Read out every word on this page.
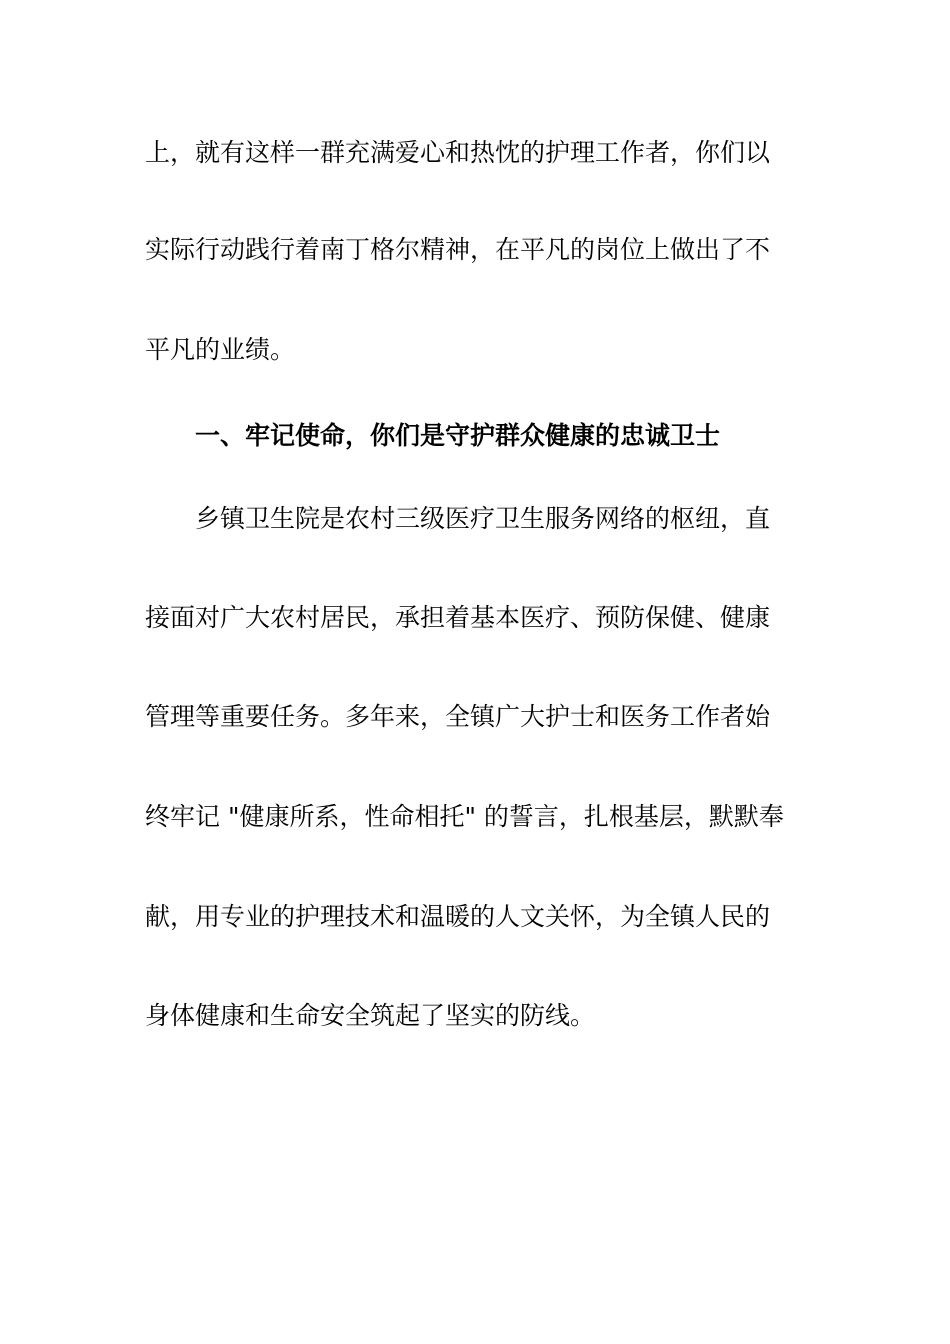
上，就有这样一群充满爱心和热忱的护理工作者，你们以
实际行动践行着南丁格尔精神，在平凡的岗位上做出了不
平凡的业绩。
一、牢记使命，你们是守护群众健康的忠诚卫士
乡镇卫生院是农村三级医疗卫生服务网络的枢纽，直
接面对广大农村居民，承担着基本医疗、预防保健、健康
管理等重要任务。多年来，全镇广大护士和医务工作者始
终牢记 "健康所系，性命相托" 的誓言，扎根基层，默默奉
献，用专业的护理技术和温暖的人文关怀，为全镇人民的
身体健康和生命安全筑起了坚实的防线。
